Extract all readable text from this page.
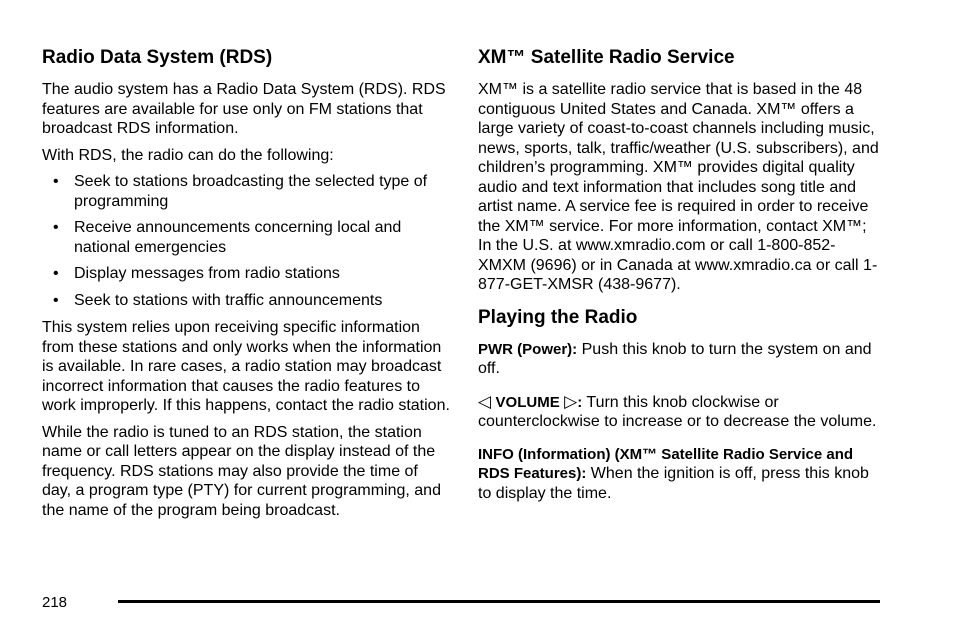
Radio Data System (RDS)

The audio system has a Radio Data System (RDS). RDS features are available for use only on FM stations that broadcast RDS information.

With RDS, the radio can do the following:

• Seek to stations broadcasting the selected type of programming
• Receive announcements concerning local and national emergencies
• Display messages from radio stations
• Seek to stations with traffic announcements

This system relies upon receiving specific information from these stations and only works when the information is available. In rare cases, a radio station may broadcast incorrect information that causes the radio features to work improperly. If this happens, contact the radio station.

While the radio is tuned to an RDS station, the station name or call letters appear on the display instead of the frequency. RDS stations may also provide the time of day, a program type (PTY) for current programming, and the name of the program being broadcast.

XM™ Satellite Radio Service

XM™ is a satellite radio service that is based in the 48 contiguous United States and Canada. XM™ offers a large variety of coast-to-coast channels including music, news, sports, talk, traffic/weather (U.S. subscribers), and children’s programming. XM™ provides digital quality audio and text information that includes song title and artist name. A service fee is required in order to receive the XM™ service. For more information, contact XM™; In the U.S. at www.xmradio.com or call 1-800-852-XMXM (9696) or in Canada at www.xmradio.ca or call 1-877-GET-XMSR (438-9677).

Playing the Radio

PWR (Power): Push this knob to turn the system on and off.

◁ VOLUME ▷: Turn this knob clockwise or counterclockwise to increase or to decrease the volume.

INFO (Information) (XM™ Satellite Radio Service and RDS Features): When the ignition is off, press this knob to display the time.

218
